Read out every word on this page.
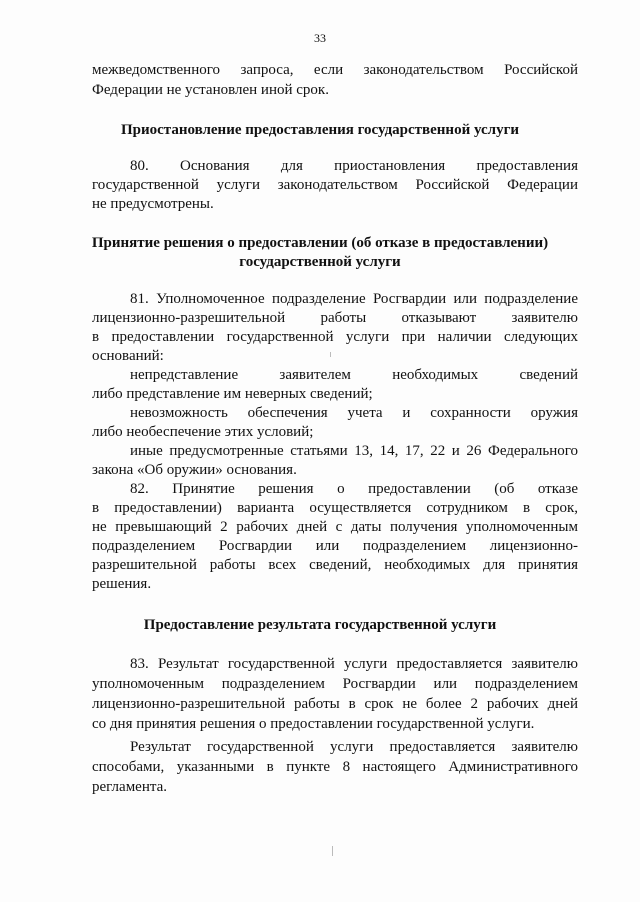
33
межведомственного запроса, если законодательством Российской
Федерации не установлен иной срок.
Приостановление предоставления государственной услуги
80. Основания для приостановления предоставления
государственной услуги законодательством Российской Федерации
не предусмотрены.
Принятие решения о предоставлении (об отказе в предоставлении)
государственной услуги
81. Уполномоченное подразделение Росгвардии или подразделение
лицензионно-разрешительной работы отказывают заявителю
в предоставлении государственной услуги при наличии следующих
оснований:
непредставление заявителем необходимых сведений
либо представление им неверных сведений;
невозможность обеспечения учета и сохранности оружия
либо необеспечение этих условий;
иные предусмотренные статьями 13, 14, 17, 22 и 26 Федерального
закона «Об оружии» основания.
82. Принятие решения о предоставлении (об отказе
в предоставлении) варианта осуществляется сотрудником в срок,
не превышающий 2 рабочих дней с даты получения уполномоченным
подразделением Росгвардии или подразделением лицензионно-
разрешительной работы всех сведений, необходимых для принятия
решения.
Предоставление результата государственной услуги
83. Результат государственной услуги предоставляется заявителю
уполномоченным подразделением Росгвардии или подразделением
лицензионно-разрешительной работы в срок не более 2 рабочих дней
со дня принятия решения о предоставлении государственной услуги.
Результат государственной услуги предоставляется заявителю
способами, указанными в пункте 8 настоящего Административного
регламента.
